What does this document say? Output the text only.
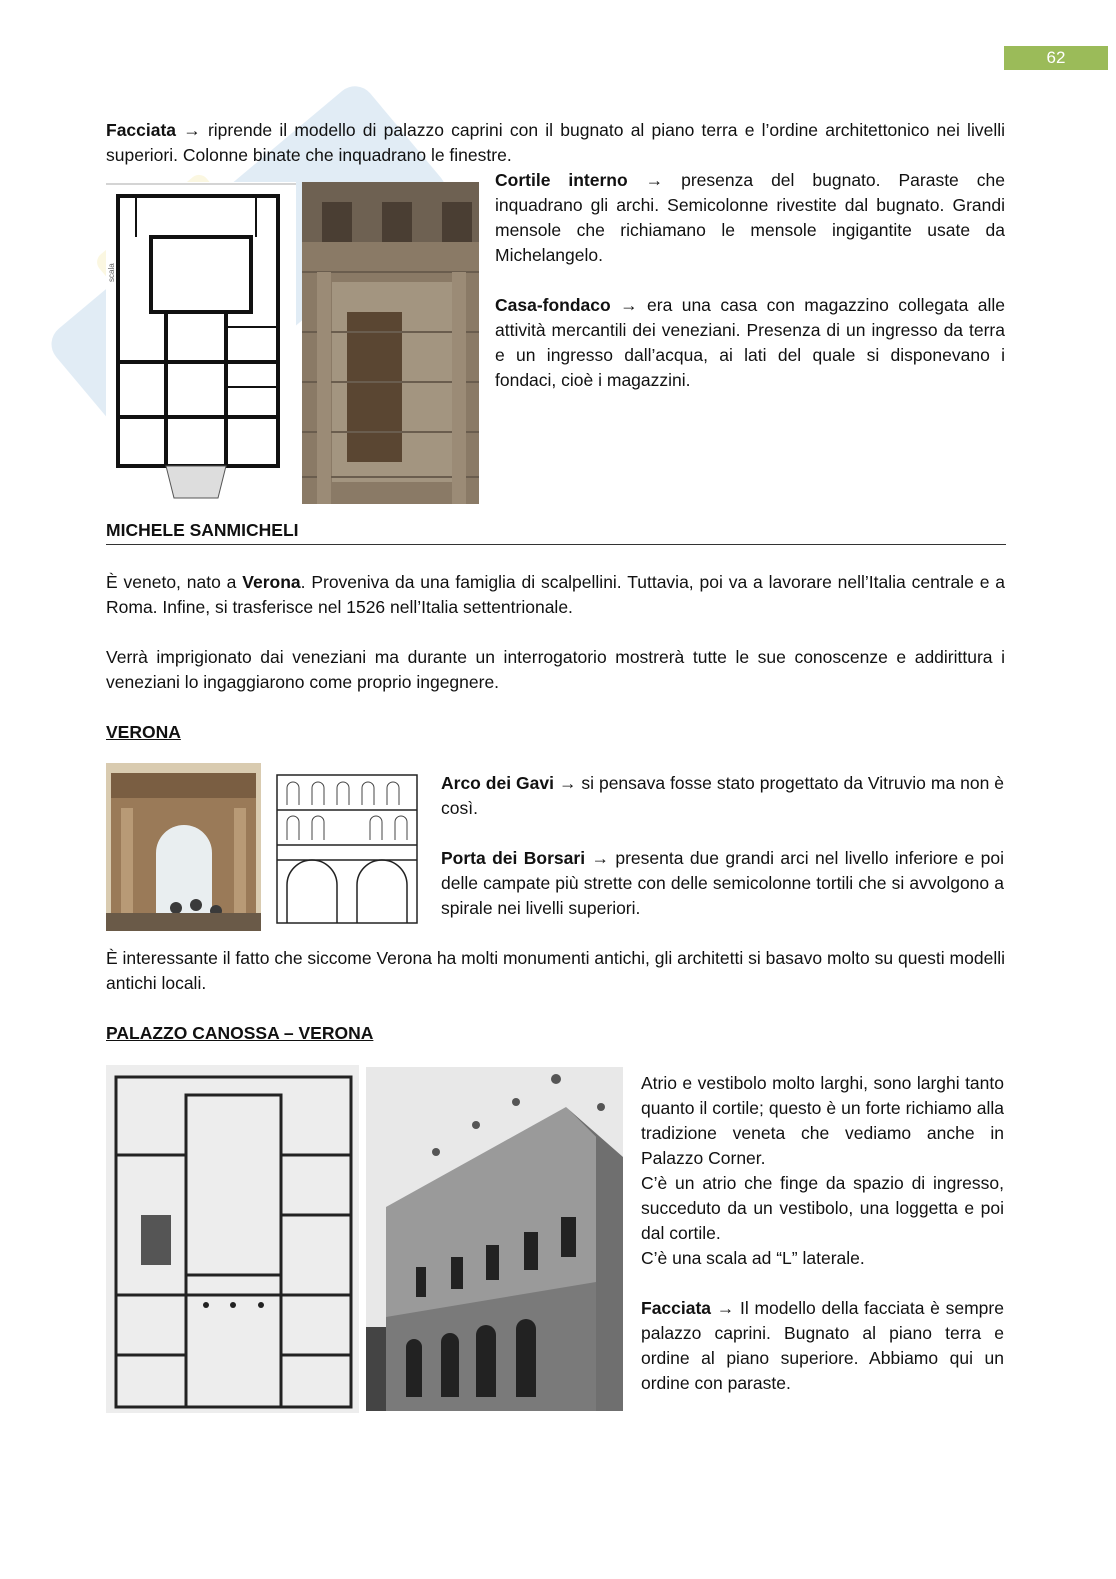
62

Facciata → riprende il modello di palazzo caprini con il bugnato al piano terra e l’ordine architettonico nei livelli superiori. Colonne binate che inquadrano le finestre.

scala

Cortile interno → presenza del bugnato. Paraste che inquadrano gli archi. Semicolonne rivestite dal bugnato. Grandi mensole che richiamano le mensole ingigantite usate da Michelangelo.

Casa-fondaco → era una casa con magazzino collegata alle attività mercantili dei veneziani. Presenza di un ingresso da terra e un ingresso dall’acqua, ai lati del quale si disponevano i fondaci, cioè i magazzini.

MICHELE SANMICHELI

È veneto, nato a Verona. Proveniva da una famiglia di scalpellini. Tuttavia, poi va a lavorare nell’Italia centrale e a Roma. Infine, si trasferisce nel 1526 nell’Italia settentrionale.

Verrà imprigionato dai veneziani ma durante un interrogatorio mostrerà tutte le sue conoscenze e addirittura i veneziani lo ingaggiarono come proprio ingegnere.

VERONA

Arco dei Gavi → si pensava fosse stato progettato da Vitruvio ma non è così.

Porta dei Borsari → presenta due grandi arci nel livello inferiore e poi delle campate più strette con delle semicolonne tortili che si avvolgono a spirale nei livelli superiori.

È interessante il fatto che siccome Verona ha molti monumenti antichi, gli architetti si basavo molto su questi modelli antichi locali.

PALAZZO CANOSSA – VERONA

Atrio e vestibolo molto larghi, sono larghi tanto quanto il cortile; questo è un forte richiamo alla tradizione veneta che vediamo anche in Palazzo Corner.

C’è un atrio che finge da spazio di ingresso, succeduto da un vestibolo, una loggetta e poi dal cortile.

C’è una scala ad “L” laterale.

Facciata → Il modello della facciata è sempre palazzo caprini. Bugnato al piano terra e ordine al piano superiore. Abbiamo qui un ordine con paraste.
